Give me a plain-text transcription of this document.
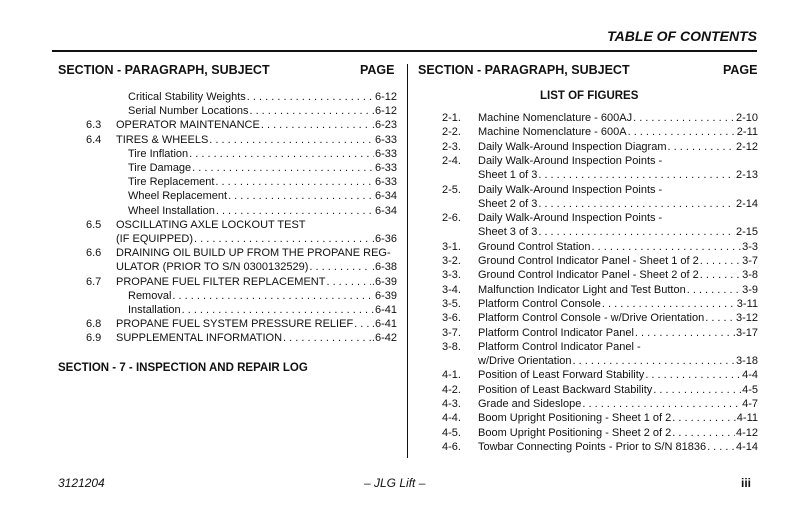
TABLE OF CONTENTS
SECTION - PARAGRAPH, SUBJECT	PAGE SECTION - PARAGRAPH, SUBJECT	PAGE
LIST OF FIGURES
Critical Stability Weights . . .	6-12
Serial Number Locations . . .	6-12
6.3 OPERATOR MAINTENANCE . . .	.6-23
6.4 TIRES & WHEELS . . .	6-33
Tire Inflation . . .	6-33
Tire Damage . . .	6-33
Tire Replacement . . .	6-33
Wheel Replacement . . .	6-34
Wheel Installation . . .	6-34
6.5 OSCILLATING AXLE LOCKOUT TEST
(IF EQUIPPED) . . .	.6-36
6.6 DRAINING OIL BUILD UP FROM THE PROPANE REG-
ULATOR (PRIOR TO S/N 0300132529) . . .	.6-38
6.7 PROPANE FUEL FILTER REPLACEMENT . . .	.6-39
Removal . . .	6-39
Installation . . .	6-41
6.8 PROPANE FUEL SYSTEM PRESSURE RELIEF . . . .6-41
6.9 SUPPLEMENTAL INFORMATION . . .	.6-42
SECTION - 7 - INSPECTION AND REPAIR LOG
2-1. Machine Nomenclature - 600AJ . . .	2-10
2-2. Machine Nomenclature - 600A . . .	2-11
2-3. Daily Walk-Around Inspection Diagram . . .	2-12
2-4. Daily Walk-Around Inspection Points -
Sheet 1 of 3 . . .	2-13
2-5. Daily Walk-Around Inspection Points -
Sheet 2 of 3 . . .	2-14
2-6. Daily Walk-Around Inspection Points -
Sheet 3 of 3 . . .	2-15
3-1. Ground Control Station . . .	3-3
3-2. Ground Control Indicator Panel - Sheet 1 of 2 . . .	3-7
3-3. Ground Control Indicator Panel - Sheet 2 of 2 . . .	3-8
3-4. Malfunction Indicator Light and Test Button . . .	3-9
3-5. Platform Control Console . . .	3-11
3-6. Platform Control Console - w/Drive Orientation . . .	3-12
3-7. Platform Control Indicator Panel . . .	3-17
3-8. Platform Control Indicator Panel -
w/Drive Orientation . . .	3-18
4-1. Position of Least Forward Stability . . .	4-4
4-2. Position of Least Backward Stability . . .	4-5
4-3. Grade and Sideslope . . .	4-7
4-4. Boom Upright Positioning - Sheet 1 of 2 . . .	4-11
4-5. Boom Upright Positioning - Sheet 2 of 2 . . .	4-12
4-6. Towbar Connecting Points - Prior to S/N 81836 . . .	4-14
3121204	– JLG Lift –	iii
